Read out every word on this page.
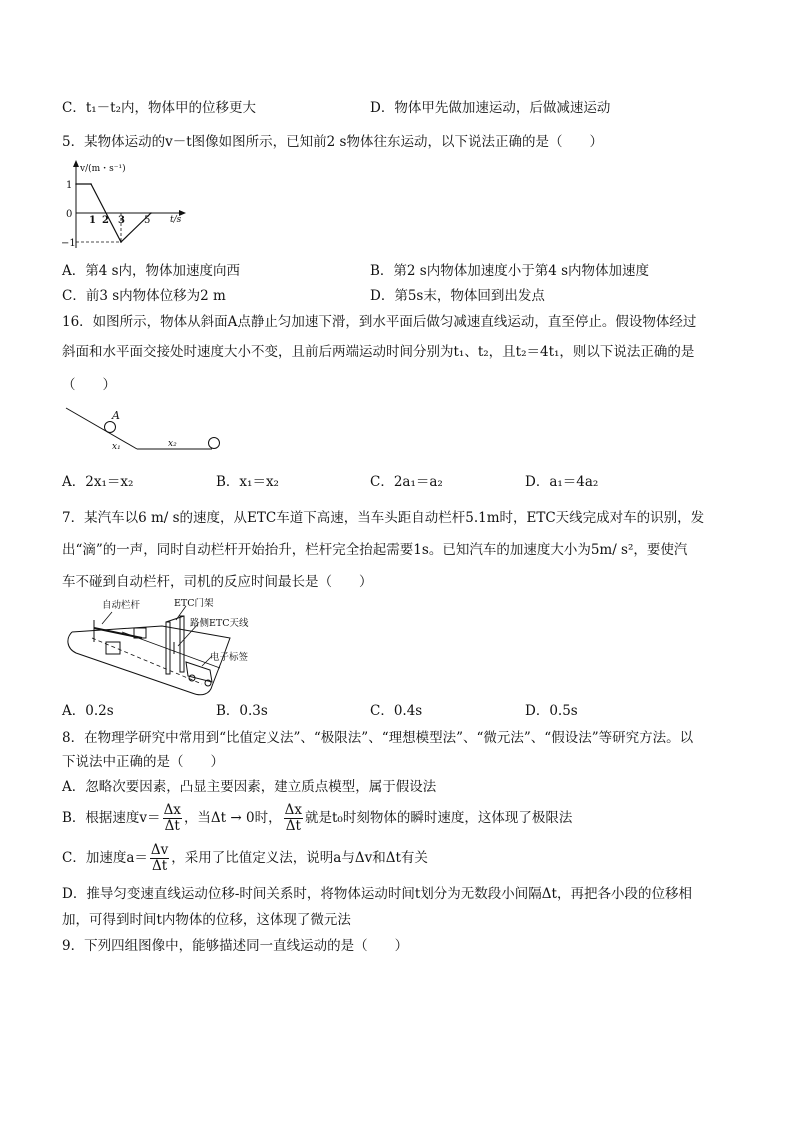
C．t₁－t₂内，物体甲的位移更大	D．物体甲先做加速运动，后做减速运动
5．某物体运动的v－t图像如图所示，已知前2 s物体往东运动，以下说法正确的是（　　）
v/(m・s⁻¹)
t/s
1
0
−1
1 2 3 5
A．第4 s内，物体加速度向西	B．第2 s内物体加速度小于第4 s内物体加速度
C．前3 s内物体位移为2 m	D．第5s末，物体回到出发点
16．如图所示，物体从斜面A点静止匀加速下滑，到水平面后做匀减速直线运动，直至停止。假设物体经过
斜面和水平面交接处时速度大小不变，且前后两端运动时间分别为t₁、t₂，且t₂＝4t₁，则以下说法正确的是
（　　）
A
x₁	x₂
A．2x₁＝x₂	B．x₁＝x₂	C．2a₁＝a₂	D．a₁＝4a₂
7．某汽车以6 m/ s的速度，从ETC车道下高速，当车头距自动栏杆5.1m时，ETC天线完成对车的识别，发
出“滴”的一声，同时自动栏杆开始抬升，栏杆完全抬起需要1s。已知汽车的加速度大小为5m/ s²，要使汽
车不碰到自动栏杆，司机的反应时间最长是（　　）
自动栏杆	ETC门架
路侧ETC天线
电子标签
A．0.2s	B．0.3s	C．0.4s	D．0.5s
8．在物理学研究中常用到“比值定义法”、“极限法”、“理想模型法”、“微元法”、“假设法”等研究方法。以
下说法中正确的是（　　）
A．忽略次要因素，凸显主要因素，建立质点模型，属于假设法
B．根据速度$v= \frac{\Delta x}{\Delta t}$ ，当Δt → 0时， $\frac{\Delta x}{\Delta t}$ 就是t₀时刻物体的瞬时速度，这体现了极限法
C．加速度$a= \frac{\Delta v}{\Delta t}$ ，采用了比值定义法，说明a与Δv和Δt有关
D．推导匀变速直线运动位移-时间关系时，将物体运动时间t划分为无数段小间隔Δt，再把各小段的位移相
加，可得到时间t内物体的位移，这体现了微元法
9．下列四组图像中，能够描述同一直线运动的是（　　）
